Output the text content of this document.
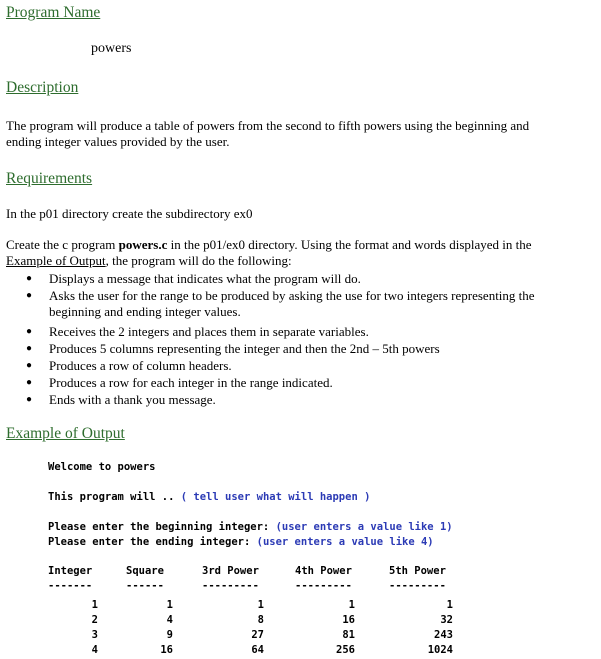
Program Name
powers
Description
The program will produce a table of powers from the second to fifth powers using the beginning and
ending integer values provided by the user.
Requirements
In the p01 directory create the subdirectory ex0
Create the c program powers.c in the p01/ex0 directory. Using the format and words displayed in the
Example of Output, the program will do the following:
● Displays a message that indicates what the program will do.
● Asks the user for the range to be produced by asking the use for two integers representing the
beginning and ending integer values.
● Receives the 2 integers and places them in separate variables.
● Produces 5 columns representing the integer and then the 2nd – 5th powers
● Produces a row of column headers.
● Produces a row for each integer in the range indicated.
● Ends with a thank you message.
Example of Output
Welcome to powers
This program will .. ( tell user what will happen )
Please enter the beginning integer: (user enters a value like 1)
Please enter the ending integer: (user enters a value like 4)
Integer	Square	3rd Power	4th Power	5th Power
-------	------	---------	---------	---------
1	1	1	1	1
2	4	8	16	32
3	9	27	81	243
4	16	64	256	1024
